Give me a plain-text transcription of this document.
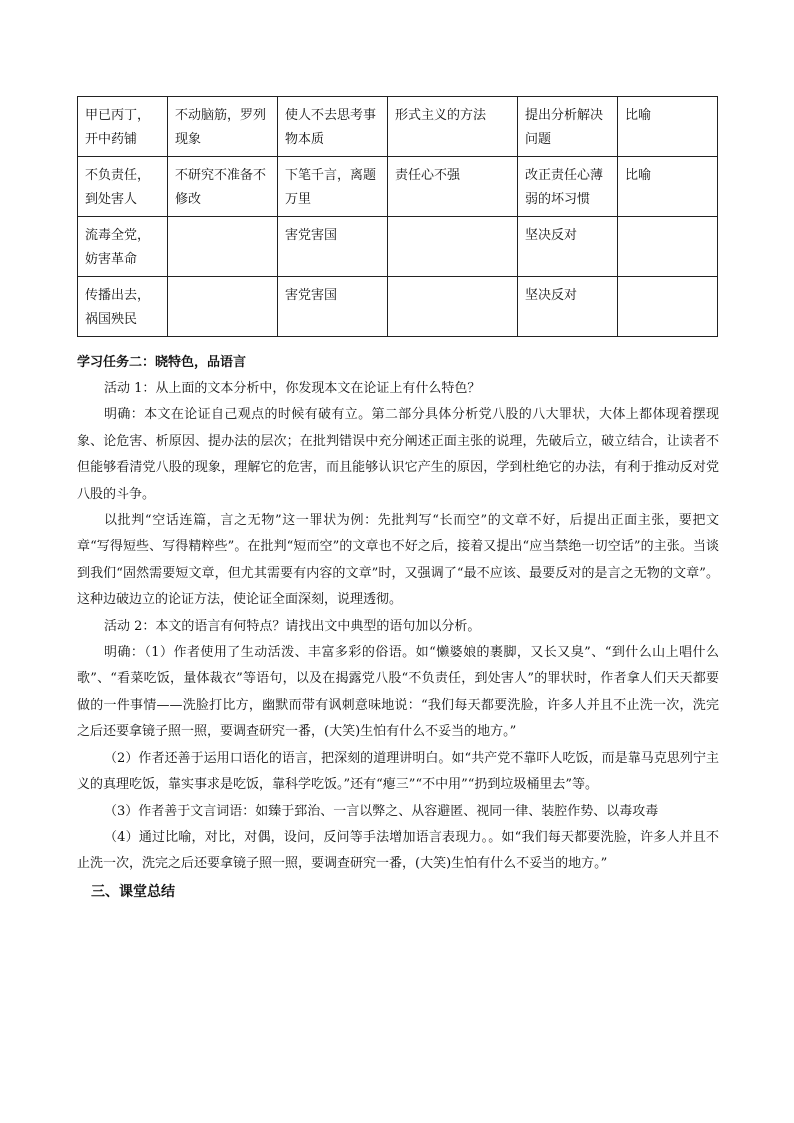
甲已丙丁，开中药铺	不动脑筋，罗列现象	使人不去思考事物本质	形式主义的方法	提出分析解决问题	比喻
不负责任，到处害人	不研究不准备不修改	下笔千言，离题万里	责任心不强	改正责任心薄弱的坏习惯	比喻
流毒全党，妨害革命		害党害国		坚决反对	
传播出去，祸国殃民		害党害国		坚决反对	

学习任务二：晓特色，品语言

活动 1：从上面的文本分析中，你发现本文在论证上有什么特色？

明确：本文在论证自己观点的时候有破有立。第二部分具体分析党八股的八大罪状，大体上都体现着摆现象、论危害、析原因、提办法的层次；在批判错误中充分阐述正面主张的说理，先破后立，破立结合，让读者不但能够看清党八股的现象，理解它的危害，而且能够认识它产生的原因，学到杜绝它的办法，有利于推动反对党八股的斗争。

以批判“空话连篇，言之无物”这一罪状为例：先批判写“长而空”的文章不好，后提出正面主张，要把文章“写得短些、写得精粹些”。在批判“短而空”的文章也不好之后，接着又提出“应当禁绝一切空话”的主张。当谈到我们“固然需要短文章，但尤其需要有内容的文章”时，又强调了“最不应该、最要反对的是言之无物的文章”。这种边破边立的论证方法，使论证全面深刻，说理透彻。

活动 2：本文的语言有何特点？请找出文中典型的语句加以分析。

明确：（1）作者使用了生动活泼、丰富多彩的俗语。如“懒婆娘的裹脚，又长又臭”、“到什么山上唱什么歌”、“看菜吃饭，量体裁衣”等语句，以及在揭露党八股“不负责任，到处害人”的罪状时，作者拿人们天天都要做的一件事情——洗脸打比方，幽默而带有讽刺意味地说：“我们每天都要洗脸，许多人并且不止洗一次，洗完之后还要拿镜子照一照，要调查研究一番，(大笑)生怕有什么不妥当的地方。”

（2）作者还善于运用口语化的语言，把深刻的道理讲明白。如“共产党不靠吓人吃饭，而是靠马克思列宁主义的真理吃饭，靠实事求是吃饭，靠科学吃饭。”还有“瘪三”“不中用”“扔到垃圾桶里去”等。

（3）作者善于文言词语：如臻于郅治、一言以弊之、从容避匿、视同一律、装腔作势、以毒攻毒

（4）通过比喻，对比，对偶，设问，反问等手法增加语言表现力。。如“我们每天都要洗脸，许多人并且不止洗一次，洗完之后还要拿镜子照一照，要调查研究一番，(大笑)生怕有什么不妥当的地方。”

三、课堂总结
